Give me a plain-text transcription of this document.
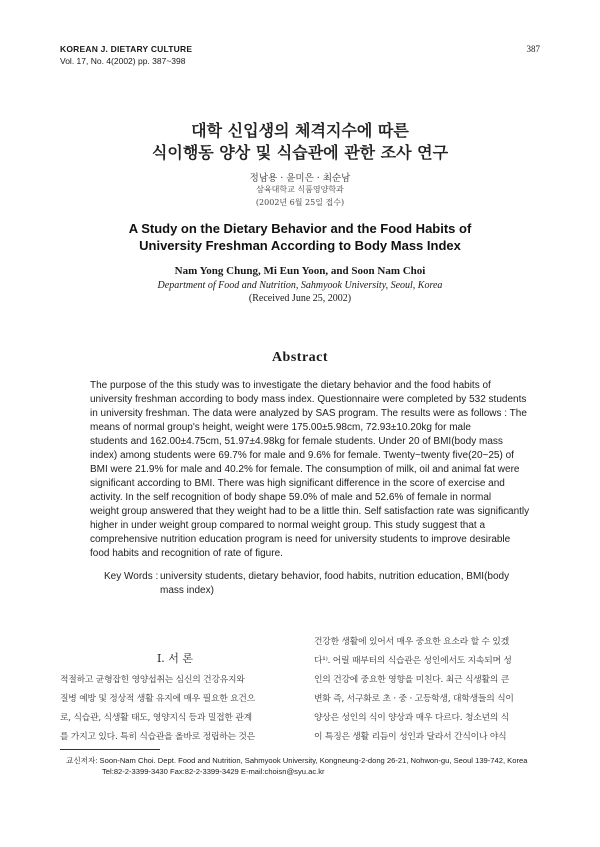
KOREAN J. DIETARY CULTURE
Vol. 17, No. 4(2002) pp. 387~398
387
대학 신입생의 체격지수에 따른
식이행동 양상 및 식습관에 관한 조사 연구
정남용 · 윤미은 · 최순남
삼육대학교 식품영양학과
(2002년 6월 25일 접수)
A Study on the Dietary Behavior and the Food Habits of
University Freshman According to Body Mass Index
Nam Yong Chung, Mi Eun Yoon, and Soon Nam Choi
Department of Food and Nutrition, Sahmyook University, Seoul, Korea
(Received June 25, 2002)
Abstract
The purpose of the this study was to investigate the dietary behavior and the food habits of
university freshman according to body mass index. Questionnaire were completed by 532 students
in university freshman. The data were analyzed by SAS program. The results were as follows : The
means of normal group's height, weight were 175.00±5.98cm, 72.93±10.20kg for male
students and 162.00±4.75cm, 51.97±4.98kg for female students. Under 20 of BMI(body mass
index) among students were 69.7% for male and 9.6% for female. Twenty~twenty five(20~25) of
BMI were 21.9% for male and 40.2% for female. The consumption of milk, oil and animal fat were
significant according to BMI. There was high significant difference in the score of exercise and
activity. In the self recognition of body shape 59.0% of male and 52.6% of female in normal
weight group answered that they weight had to be a little thin. Self satisfaction rate was significantly
higher in under weight group compared to normal weight group. This study suggest that a
comprehensive nutrition education program is need for university students to improve desirable
food habits and recognition of rate of figure.
Key Words : university students, dietary behavior, food habits, nutrition education, BMI(body
mass index)
I. 서 론
적절하고 균형잡힌 영양섭취는 심신의 건강유지와
질병 예방 및 정상적 생활 유지에 매우 필요한 요건으
로, 식습관, 식생활 태도, 영양지식 등과 밀접한 관계
를 가지고 있다. 특히 식습관을 올바로 정립하는 것은
건강한 생활에 있어서 매우 중요한 요소라 할 수 있겠
다¹⁾. 어릴 때부터의 식습관은 성인에서도 지속되며 성
인의 건강에 중요한 영향을 미친다. 최근 식생활의 큰
변화 즉, 서구화로 초 · 중 · 고등학생, 대학생들의 식이
양상은 성인의 식이 양상과 매우 다르다. 청소년의 식
이 특징은 생활 리듬이 성인과 달라서 간식이나 야식
교신저자: Soon-Nam Choi. Dept. Food and Nutrition, Sahmyook University, Kongneung-2-dong 26-21, Nohwon-gu, Seoul 139-742, Korea
Tel:82-2-3399-3430 Fax:82-2-3399-3429 E-mail:choisn@syu.ac.kr
